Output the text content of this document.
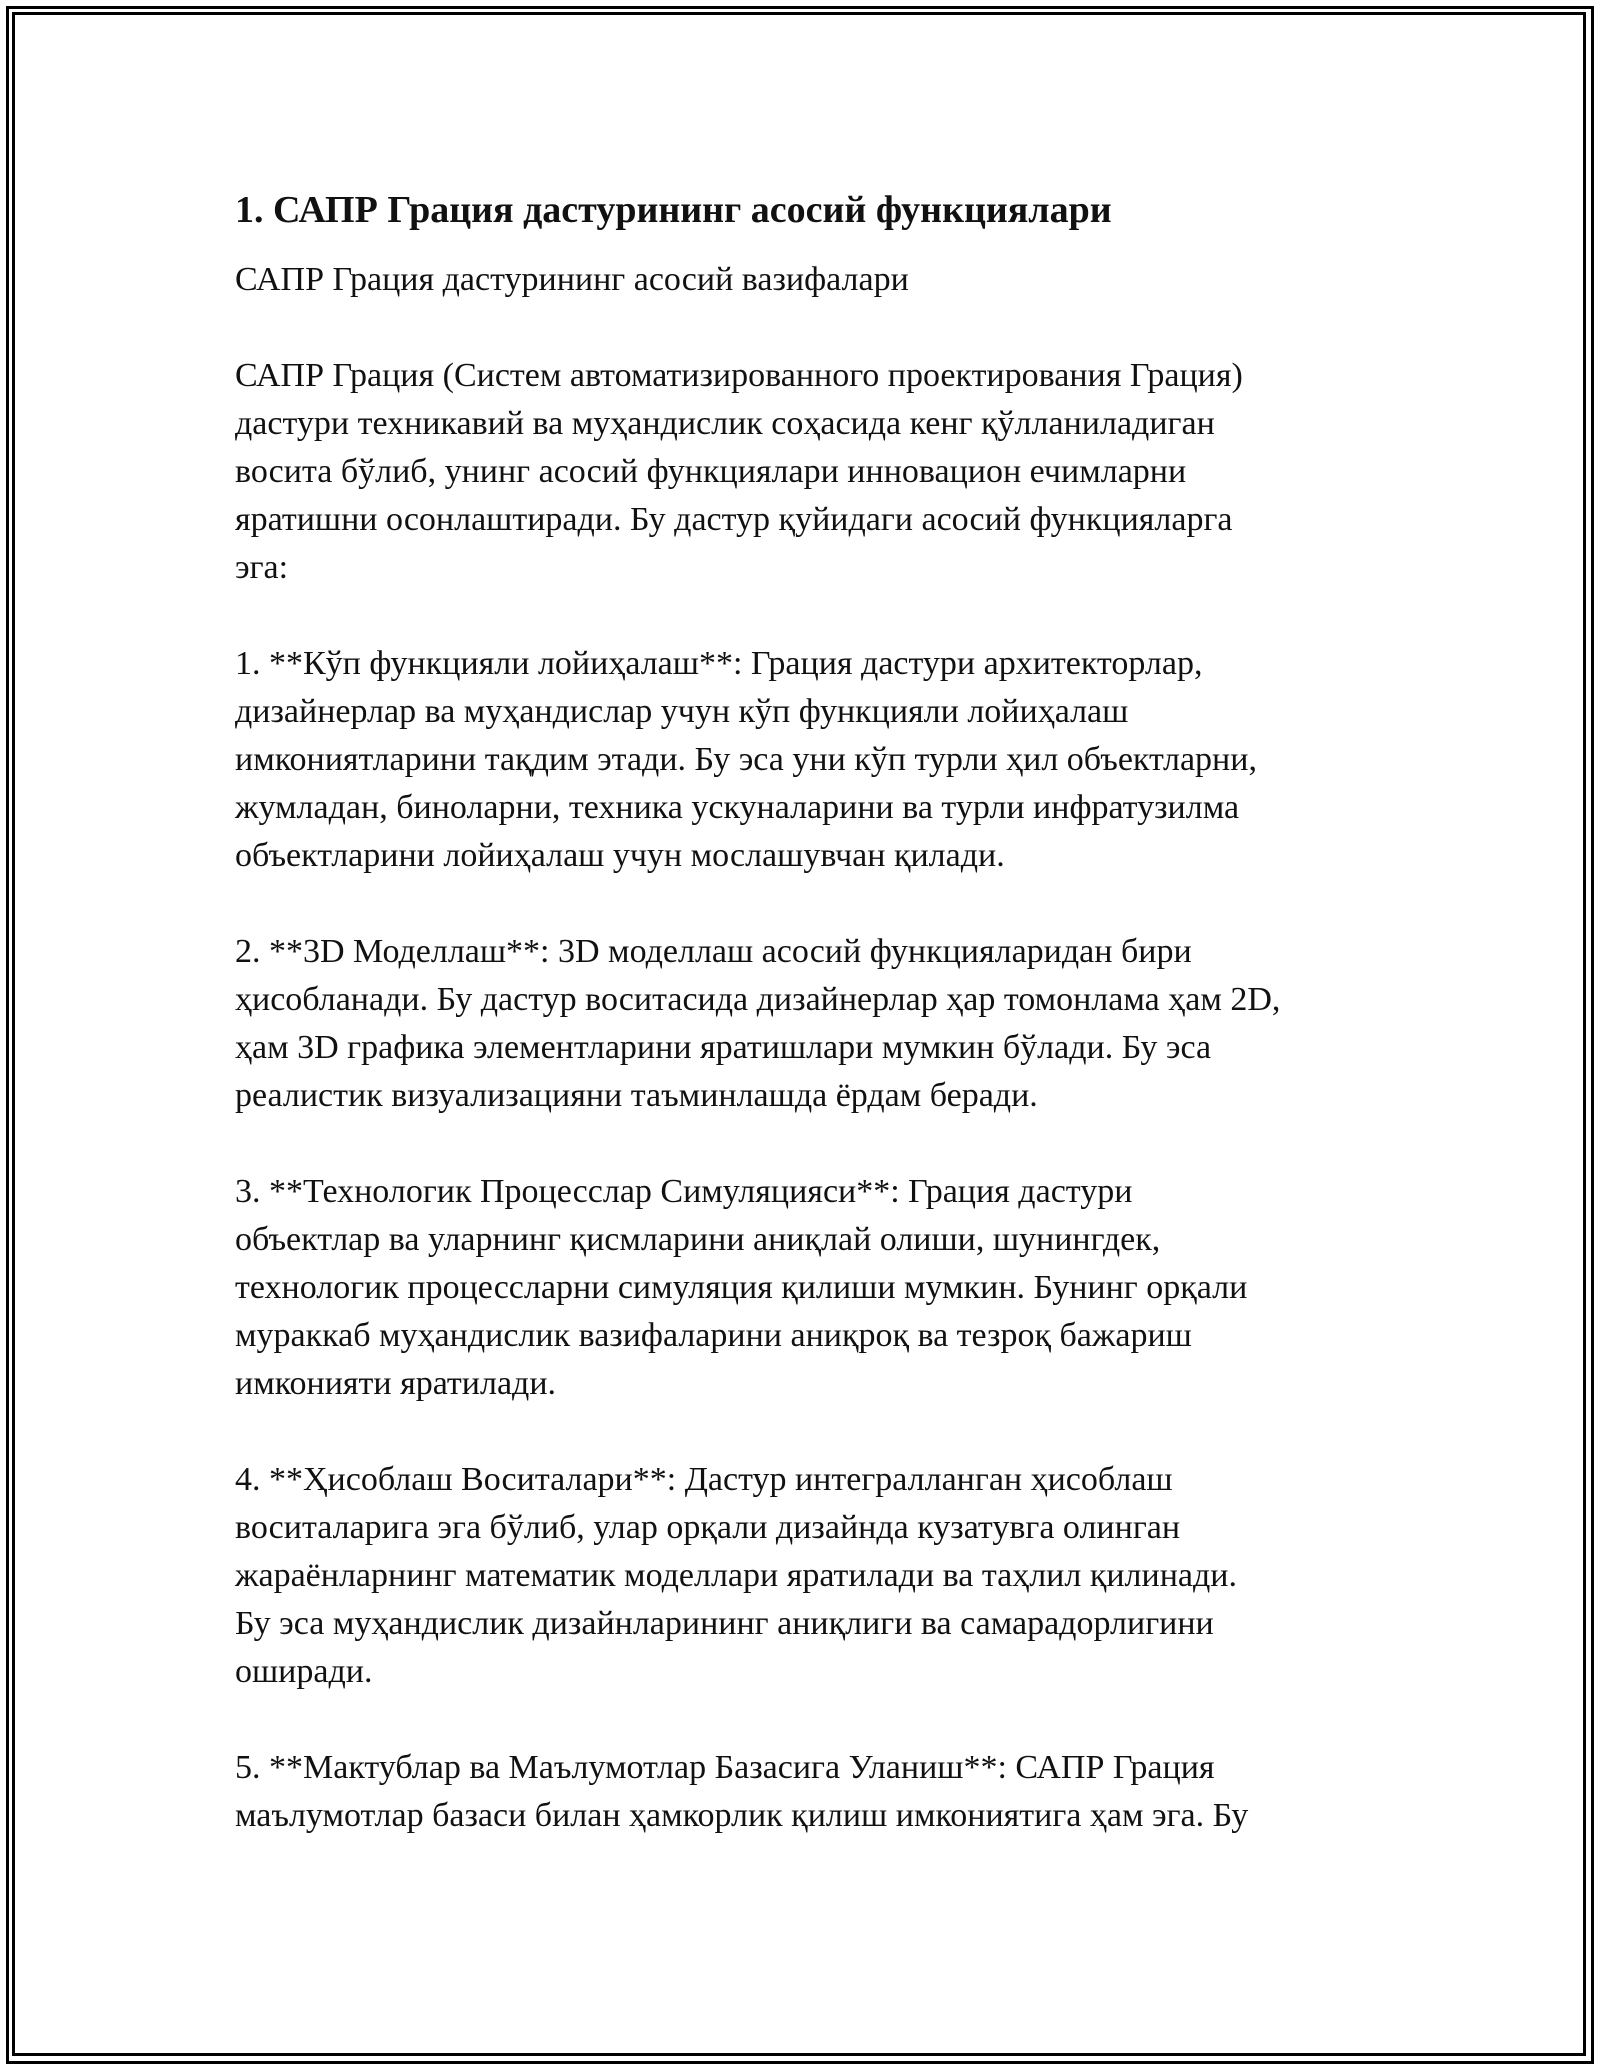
1. САПР Грация дастурининг асосий функциялари

САПР Грация дастурининг асосий вазифалари

САПР Грация (Систем автоматизированного проектирования Грация)
дастури техникавий ва муҳандислик соҳасида кенг қўлланиладиган
восита бўлиб, унинг асосий функциялари инновацион ечимларни
яратишни осонлаштиради. Бу дастур қуйидаги асосий функцияларга
эга:

1. **Кўп функцияли лойиҳалаш**: Грация дастури архитекторлар,
дизайнерлар ва муҳандислар учун кўп функцияли лойиҳалаш
имкониятларини тақдим этади. Бу эса уни кўп турли ҳил объектларни,
жумладан, биноларни, техника ускуналарини ва турли инфратузилма
объектларини лойиҳалаш учун мослашувчан қилади.

2. **3D Моделлаш**: 3D моделлаш асосий функцияларидан бири
ҳисобланади. Бу дастур воситасида дизайнерлар ҳар томонлама ҳам 2D,
ҳам 3D графика элементларини яратишлари мумкин бўлади. Бу эса
реалистик визуализацияни таъминлашда ёрдам беради.

3. **Технологик Процесслар Симуляцияси**: Грация дастури
объектлар ва уларнинг қисмларини аниқлай олиши, шунингдек,
технологик процессларни симуляция қилиши мумкин. Бунинг орқали
мураккаб муҳандислик вазифаларини аниқроқ ва тезроқ бажариш
имконияти яратилади.

4. **Ҳисоблаш Воситалари**: Дастур интегралланган ҳисоблаш
воситаларига эга бўлиб, улар орқали дизайнда кузатувга олинган
жараёнларнинг математик моделлари яратилади ва таҳлил қилинади.
Бу эса муҳандислик дизайнларининг аниқлиги ва самарадорлигини
оширади.

5. **Мактублар ва Маълумотлар Базасига Уланиш**: САПР Грация
маълумотлар базаси билан ҳамкорлик қилиш имкониятига ҳам эга. Бу
